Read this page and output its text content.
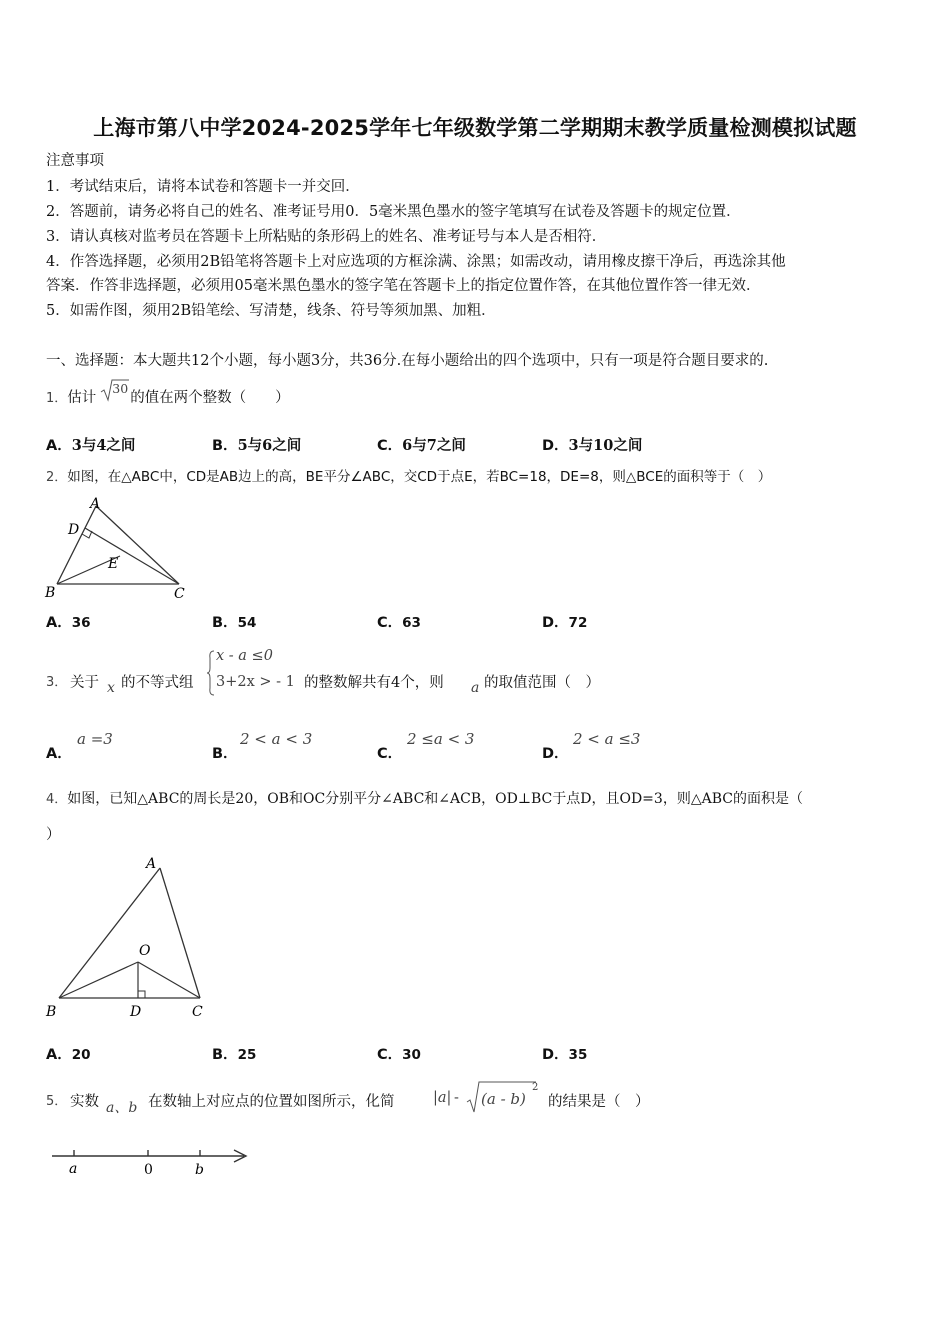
上海市第八中学2024-2025学年七年级数学第二学期期末教学质量检测模拟试题
注意事项
1．考试结束后，请将本试卷和答题卡一并交回．
2．答题前，请务必将自己的姓名、准考证号用0．5毫米黑色墨水的签字笔填写在试卷及答题卡的规定位置．
3．请认真核对监考员在答题卡上所粘贴的条形码上的姓名、准考证号与本人是否相符．
4．作答选择题，必须用2B铅笔将答题卡上对应选项的方框涂满、涂黑；如需改动，请用橡皮擦干净后，再选涂其他
答案．作答非选择题，必须用05毫米黑色墨水的签字笔在答题卡上的指定位置作答，在其他位置作答一律无效．
5．如需作图，须用2B铅笔绘、写清楚，线条、符号等须加黑、加粗．
一、选择题：本大题共12个小题，每小题3分，共36分.在每小题给出的四个选项中，只有一项是符合题目要求的.
1．估计
30的值在两个整数（　　）
A．3与4之间	B．5与6之间	C．6与7之间	D．3与10之间
2．如图，在△ABC中，CD是AB边上的高，BE平分∠ABC，交CD于点E，若BC=18，DE=8，则△BCE的面积等于（　）
A
D
E
B	C
A．36	B．54	C．63	D．72
3． 关于 x 的不等式组
x - a ≤0
3+2x > - 1 的整数解共有4个，则 a 的取值范围（　）
A．
a =3
B．
2 < a < 3
C．
2 ≤a < 3
D．
2 < a ≤3
4．如图，已知△ABC的周长是20，OB和OC分别平分∠ABC和∠ACB，OD⊥BC于点D，且OD=3，则△ABC的面积是（
）
A
O
B	D	C
A．20	B．25	C．30	D．35
5． 实数 a、b 在数轴上对应点的位置如图所示，化简	|a| - (a - b)
2
的结果是（　）
a	0	b
